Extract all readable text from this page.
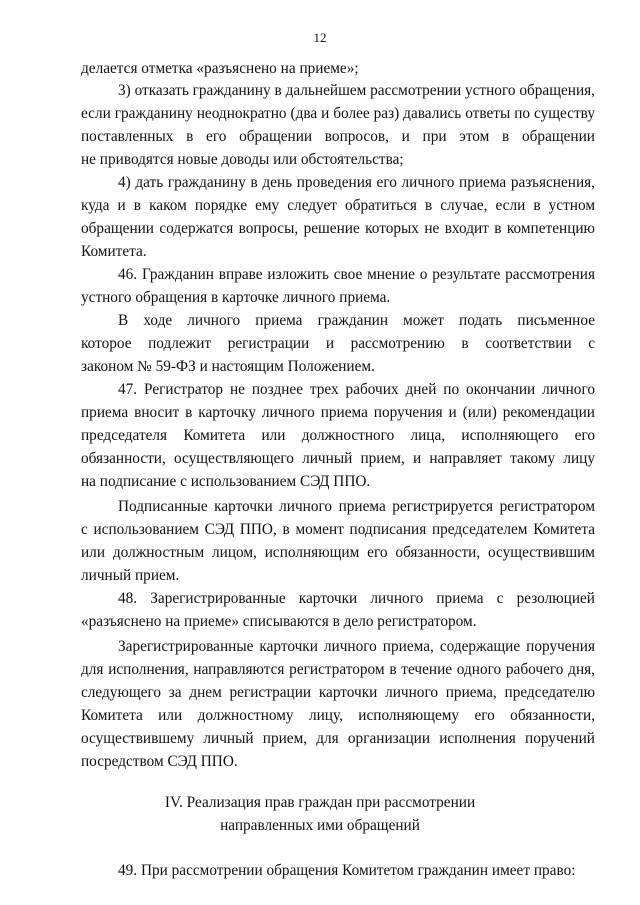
12
делается отметка «разъяснено на приеме»;
3) отказать гражданину в дальнейшем рассмотрении устного обращения,
если гражданину неоднократно (два и более раз) давались ответы по существу
поставленных в его обращении вопросов, и при этом в обращении
не приводятся новые доводы или обстоятельства;
4) дать гражданину в день проведения его личного приема разъяснения,
куда и в каком порядке ему следует обратиться в случае, если в устном
обращении содержатся вопросы, решение которых не входит в компетенцию
Комитета.
46. Гражданин вправе изложить свое мнение о результате рассмотрения
устного обращения в карточке личного приема.
В ходе личного приема гражданин может подать письменное
которое подлежит регистрации и рассмотрению в соответствии с
законом № 59-ФЗ и настоящим Положением.
47. Регистратор не позднее трех рабочих дней по окончании личного
приема вносит в карточку личного приема поручения и (или) рекомендации
председателя Комитета или должностного лица, исполняющего его
обязанности, осуществляющего личный прием, и направляет такому лицу
на подписание с использованием СЭД ППО.
Подписанные карточки личного приема регистрируется регистратором
с использованием СЭД ППО, в момент подписания председателем Комитета
или должностным лицом, исполняющим его обязанности, осуществившим
личный прием.
48. Зарегистрированные карточки личного приема с резолюцией
«разъяснено на приеме» списываются в дело регистратором.
Зарегистрированные карточки личного приема, содержащие поручения
для исполнения, направляются регистратором в течение одного рабочего дня,
следующего за днем регистрации карточки личного приема, председателю
Комитета или должностному лицу, исполняющему его обязанности,
осуществившему личный прием, для организации исполнения поручений
посредством СЭД ППО.
IV. Реализация прав граждан при рассмотрении
направленных ими обращений
49. При рассмотрении обращения Комитетом гражданин имеет право:
